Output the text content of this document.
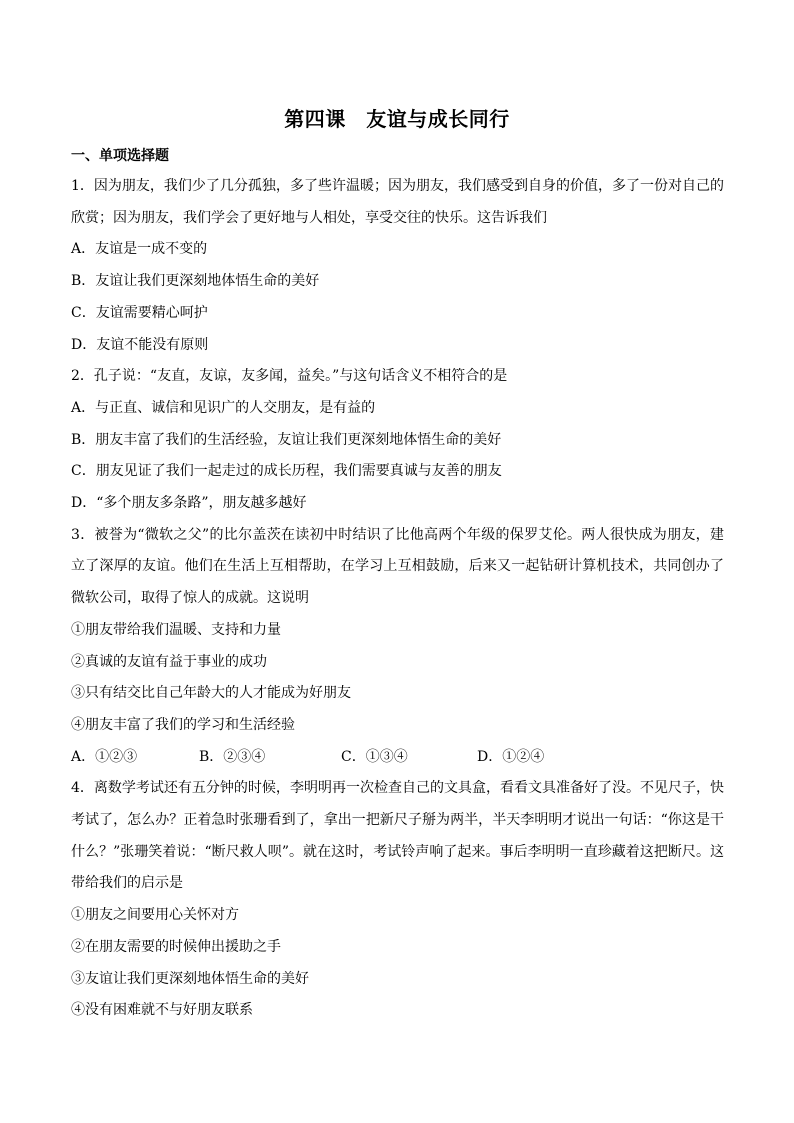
第四课　友谊与成长同行
一、单项选择题

1．因为朋友，我们少了几分孤独，多了些许温暖；因为朋友，我们感受到自身的价值，多了一份对自己的欣赏；因为朋友，我们学会了更好地与人相处，享受交往的快乐。这告诉我们

A．友谊是一成不变的

B．友谊让我们更深刻地体悟生命的美好

C．友谊需要精心呵护

D．友谊不能没有原则

2．孔子说：“友直，友谅，友多闻，益矣。”与这句话含义不相符合的是

A．与正直、诚信和见识广的人交朋友，是有益的

B．朋友丰富了我们的生活经验，友谊让我们更深刻地体悟生命的美好

C．朋友见证了我们一起走过的成长历程，我们需要真诚与友善的朋友

D．“多个朋友多条路”，朋友越多越好

3．被誉为“微软之父”的比尔盖茨在读初中时结识了比他高两个年级的保罗艾伦。两人很快成为朋友，建立了深厚的友谊。他们在生活上互相帮助，在学习上互相鼓励，后来又一起钻研计算机技术，共同创办了微软公司，取得了惊人的成就。这说明

①朋友带给我们温暖、支持和力量

②真诚的友谊有益于事业的成功

③只有结交比自己年龄大的人才能成为好朋友

④朋友丰富了我们的学习和生活经验

A．①②③	B．②③④	C．①③④	D．①②④

4．离数学考试还有五分钟的时候，李明明再一次检查自己的文具盒，看看文具准备好了没。不见尺子，快考试了，怎么办？正着急时张珊看到了，拿出一把新尺子掰为两半，半天李明明才说出一句话：“你这是干什么？”张珊笑着说：“断尺救人呗”。就在这时，考试铃声响了起来。事后李明明一直珍藏着这把断尺。这带给我们的启示是

①朋友之间要用心关怀对方

②在朋友需要的时候伸出援助之手

③友谊让我们更深刻地体悟生命的美好

④没有困难就不与好朋友联系
